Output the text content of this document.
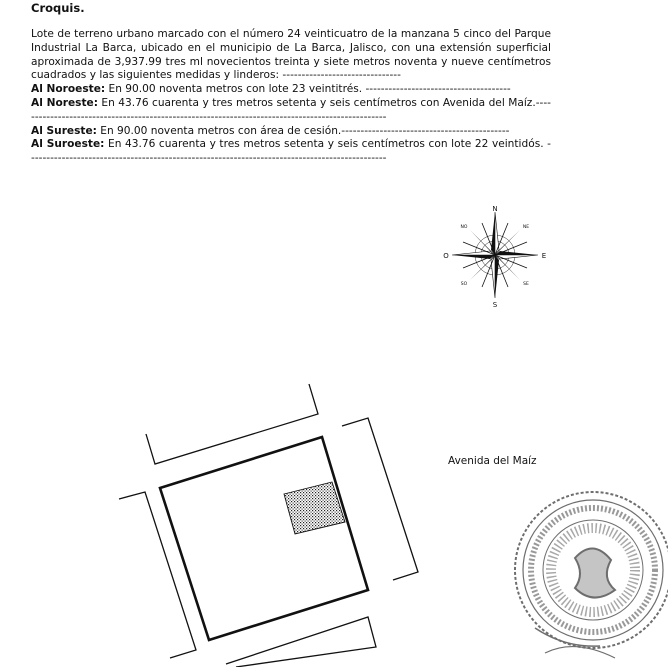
Croquis.

Lote de terreno urbano marcado con el número 24 veinticuatro de la manzana 5 cinco del Parque Industrial La Barca, ubicado en el municipio de La Barca, Jalisco, con una extensión superficial aproximada de 3,937.99 tres ml novecientos treinta y siete metros noventa y nueve centímetros cuadrados y las siguientes medidas y linderos: -------------------------------

Al Noroeste: En 90.00 noventa metros con lote 23 veintitrés. --------------------------------------

Al Noreste: En 43.76 cuarenta y tres metros setenta y seis centímetros con Avenida del Maíz.-------------------------------------------------------------------------------------------------

Al Sureste: En 90.00 noventa metros con área de cesión.--------------------------------------------

Al Suroeste: En 43.76 cuarenta y tres metros setenta y seis centímetros con lote 22 veintidós. ----------------------------------------------------------------------------------------------

N
S
E
O
NE
NO
SE
SO
Avenida del Maíz
